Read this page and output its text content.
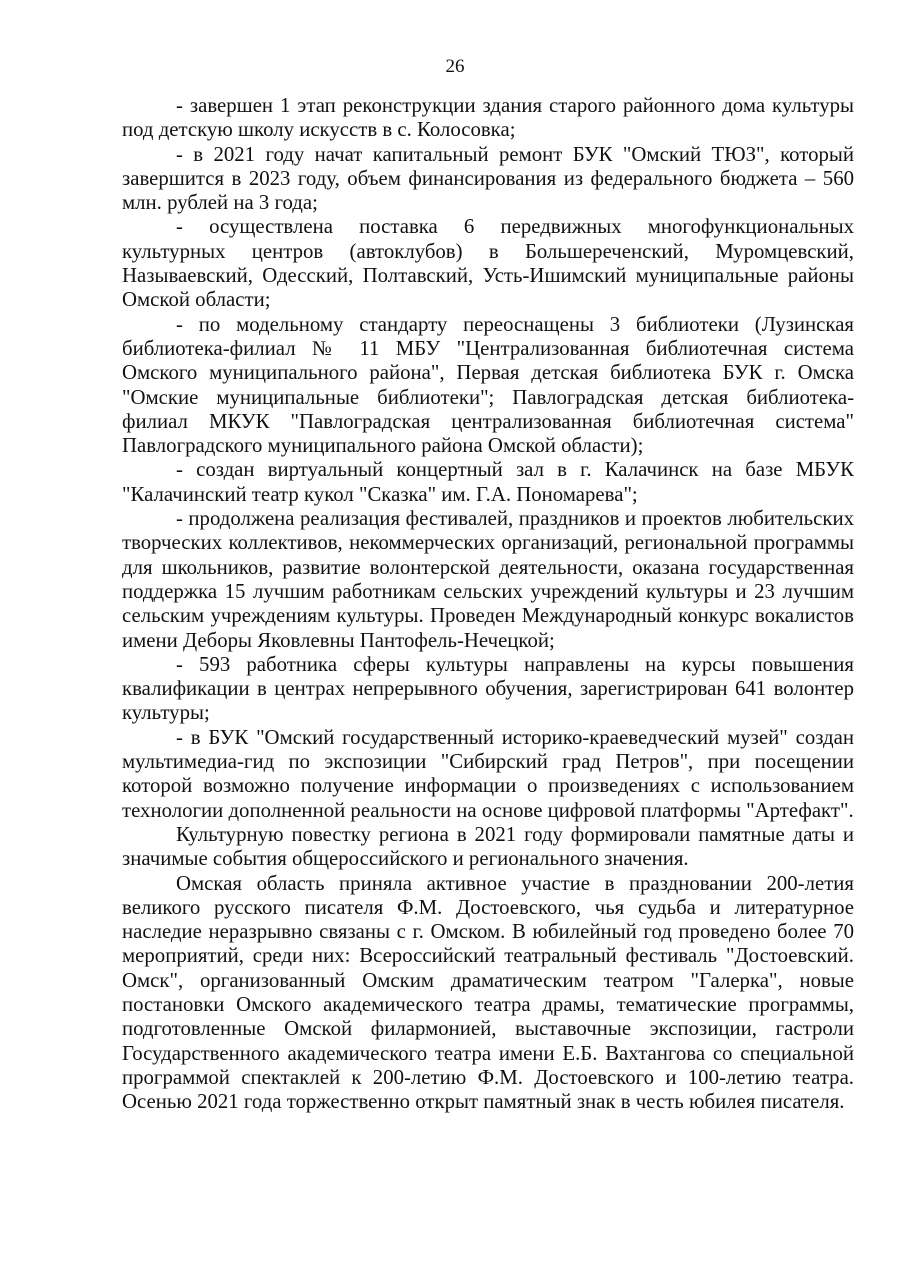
26

- завершен 1 этап реконструкции здания старого районного дома культуры под детскую школу искусств в с. Колосовка;

- в 2021 году начат капитальный ремонт БУК "Омский ТЮЗ", который завершится в 2023 году, объем финансирования из федерального бюджета – 560 млн. рублей на 3 года;

- осуществлена поставка 6 передвижных многофункциональных культурных центров (автоклубов) в Большереченский, Муромцевский, Называевский, Одесский, Полтавский, Усть-Ишимский муниципальные районы Омской области;

- по модельному стандарту переоснащены 3 библиотеки (Лузинская библиотека-филиал № 11 МБУ "Централизованная библиотечная система Омского муниципального района", Первая детская библиотека БУК г. Омска "Омские муниципальные библиотеки"; Павлоградская детская библиотека-филиал МКУК "Павлоградская централизованная библиотечная система" Павлоградского муниципального района Омской области);

- создан виртуальный концертный зал в г. Калачинск на базе МБУК "Калачинский театр кукол "Сказка" им. Г.А. Пономарева";

- продолжена реализация фестивалей, праздников и проектов любительских творческих коллективов, некоммерческих организаций, региональной программы для школьников, развитие волонтерской деятельности, оказана государственная поддержка 15 лучшим работникам сельских учреждений культуры и 23 лучшим сельским учреждениям культуры. Проведен Международный конкурс вокалистов имени Деборы Яковлевны Пантофель-Нечецкой;

- 593 работника сферы культуры направлены на курсы повышения квалификации в центрах непрерывного обучения, зарегистрирован 641 волонтер культуры;

- в БУК "Омский государственный историко-краеведческий музей" создан мультимедиа-гид по экспозиции "Сибирский град Петров", при посещении которой возможно получение информации о произведениях с использованием технологии дополненной реальности на основе цифровой платформы "Артефакт".

Культурную повестку региона в 2021 году формировали памятные даты и значимые события общероссийского и регионального значения.

Омская область приняла активное участие в праздновании 200-летия великого русского писателя Ф.М. Достоевского, чья судьба и литературное наследие неразрывно связаны с г. Омском. В юбилейный год проведено более 70 мероприятий, среди них: Всероссийский театральный фестиваль "Достоевский. Омск", организованный Омским драматическим театром "Галерка", новые постановки Омского академического театра драмы, тематические программы, подготовленные Омской филармонией, выставочные экспозиции, гастроли Государственного академического театра имени Е.Б. Вахтангова со специальной программой спектаклей к 200-летию Ф.М. Достоевского и 100-летию театра. Осенью 2021 года торжественно открыт памятный знак в честь юбилея писателя.
